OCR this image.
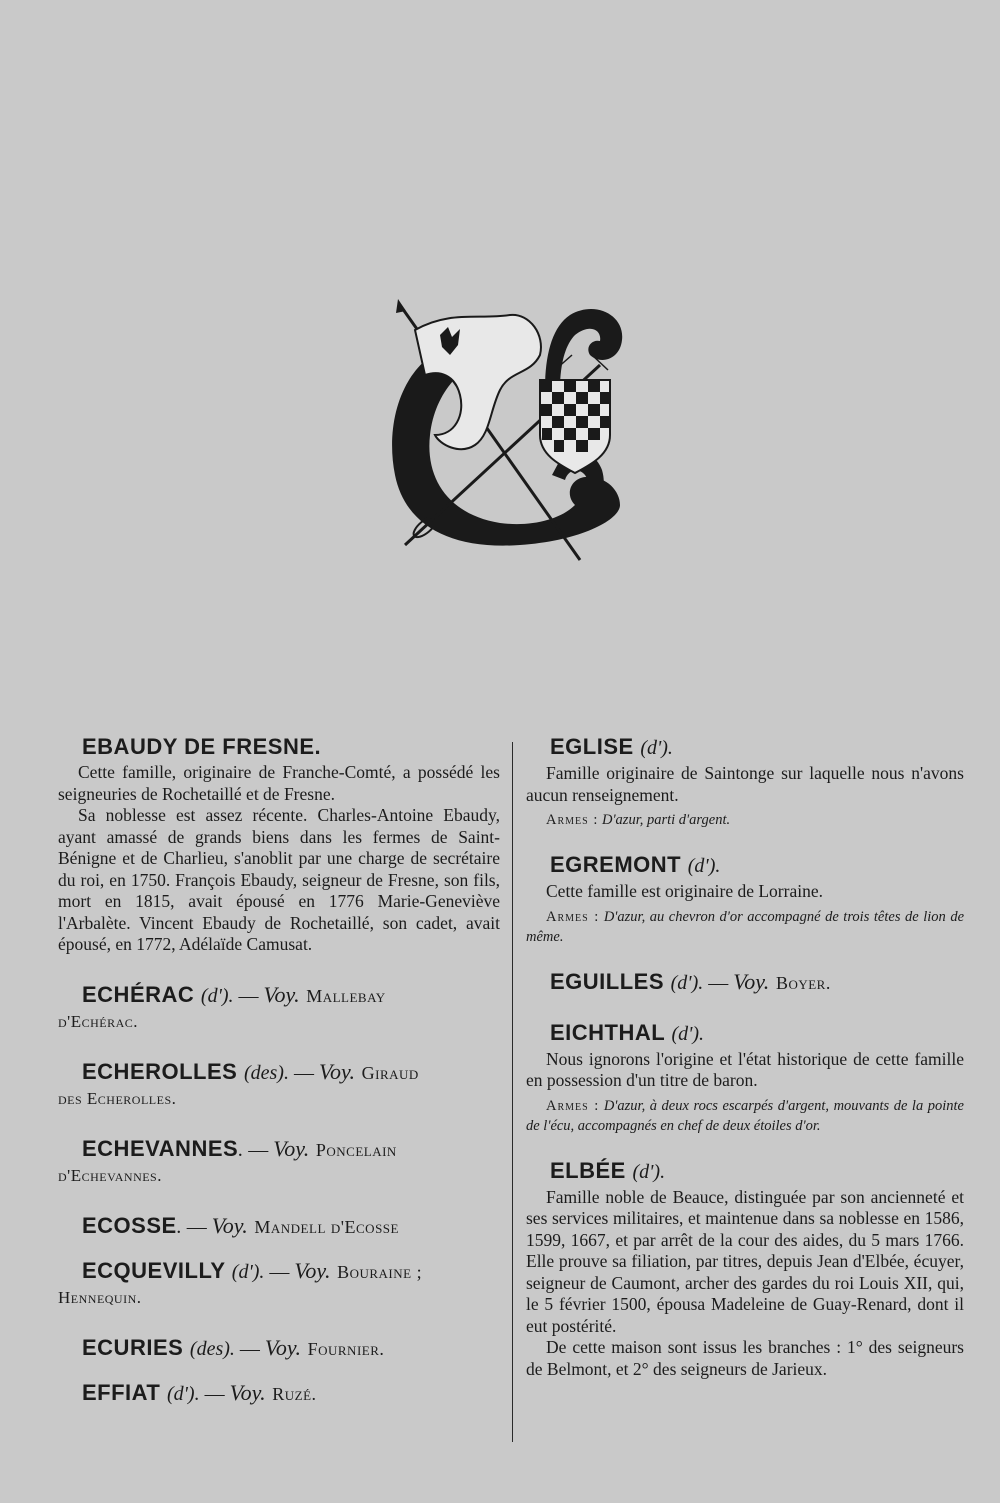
EBAUDY DE FRESNE.

Cette famille, originaire de Franche-Comté, a possédé les seigneuries de Rochetaillé et de Fresne.

Sa noblesse est assez récente. Charles-Antoine Ebaudy, ayant amassé de grands biens dans les fermes de Saint-Bénigne et de Charlieu, s'anoblit par une charge de secrétaire du roi, en 1750. François Ebaudy, seigneur de Fresne, son fils, mort en 1815, avait épousé en 1776 Marie-Geneviève l'Arbalète. Vincent Ebaudy de Rochetaillé, son cadet, avait épousé, en 1772, Adélaïde Camusat.

ECHÉRAC (d'). — Voy. Mallebay

d'Echérac.

ECHEROLLES (des). — Voy. Giraud

des Echerolles.

ECHEVANNES. — Voy. Poncelain

d'Echevannes.

ECOSSE. — Voy. Mandell d'Ecosse

ECQUEVILLY (d'). — Voy. Bouraine ;

Hennequin.

ECURIES (des). — Voy. Fournier.

EFFIAT (d'). — Voy. Ruzé.

EGLISE (d').

Famille originaire de Saintonge sur laquelle nous n'avons aucun renseignement.

Armes : D'azur, parti d'argent.

EGREMONT (d').

Cette famille est originaire de Lorraine.

Armes : D'azur, au chevron d'or accompagné de trois têtes de lion de même.

EGUILLES (d'). — Voy. Boyer.

EICHTHAL (d').

Nous ignorons l'origine et l'état historique de cette famille en possession d'un titre de baron.

Armes : D'azur, à deux rocs escarpés d'argent, mouvants de la pointe de l'écu, accompagnés en chef de deux étoiles d'or.

ELBÉE (d').

Famille noble de Beauce, distinguée par son ancienneté et ses services militaires, et maintenue dans sa noblesse en 1586, 1599, 1667, et par arrêt de la cour des aides, du 5 mars 1766. Elle prouve sa filiation, par titres, depuis Jean d'Elbée, écuyer, seigneur de Caumont, archer des gardes du roi Louis XII, qui, le 5 février 1500, épousa Madeleine de Guay-Renard, dont il eut postérité.

De cette maison sont issus les branches : 1° des seigneurs de Belmont, et 2° des seigneurs de Jarieux.
